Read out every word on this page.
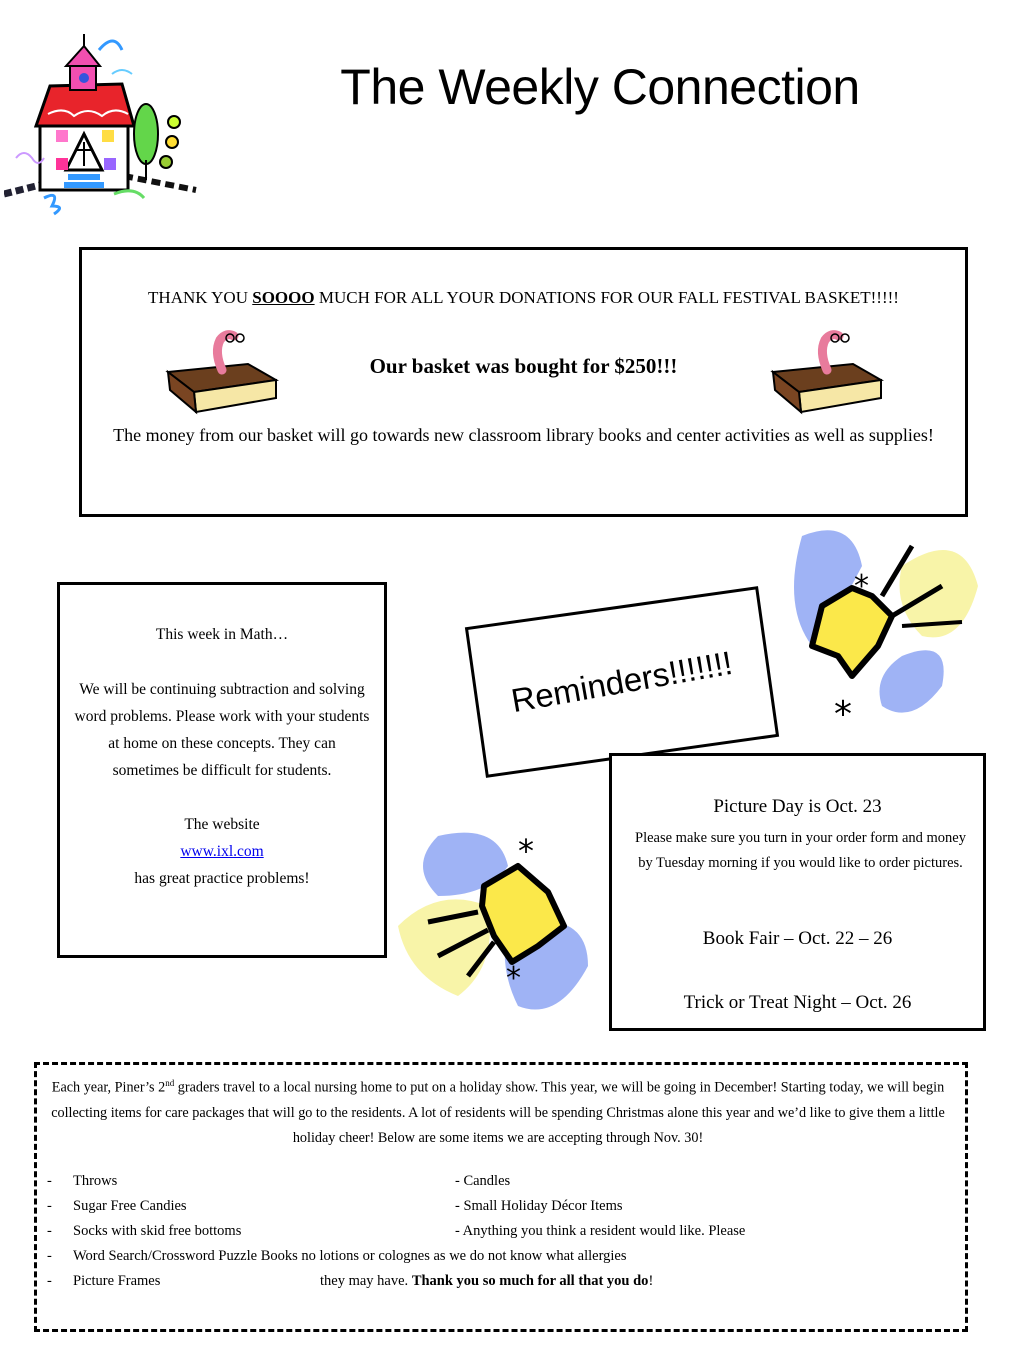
The Weekly Connection
THANK YOU SOOOO MUCH FOR ALL YOUR DONATIONS FOR OUR FALL FESTIVAL BASKET!!!!!
Our basket was bought for $250!!!
The money from our basket will go towards new classroom library books and center activities as well as supplies!

This week in Math…

We will be continuing subtraction and solving word problems. Please work with your students at home on these concepts. They can sometimes be difficult for students.

The website

www.ixl.com

has great practice problems!

*
*
Reminders!!!!!!!
*
*
Picture Day is Oct. 23
Please make sure you turn in your order form and money by Tuesday morning if you would like to order pictures.
Book Fair – Oct. 22 – 26
Trick or Treat Night – Oct. 26
Each year, Piner’s 2nd graders travel to a local nursing home to put on a holiday show. This year, we will be going in December! Starting today, we will begin collecting items for care packages that will go to the residents. A lot of residents will be spending Christmas alone this year and we’d like to give them a little holiday cheer! Below are some items we are accepting through Nov. 30!
- Throws	- Candles
- Sugar Free Candies	- Small Holiday Décor Items
- Socks with skid free bottoms	- Anything you think a resident would like. Please
- Word Search/Crossword Puzzle Books no lotions or colognes as we do not know what allergies
- Picture Frames	they may have. Thank you so much for all that you do!
